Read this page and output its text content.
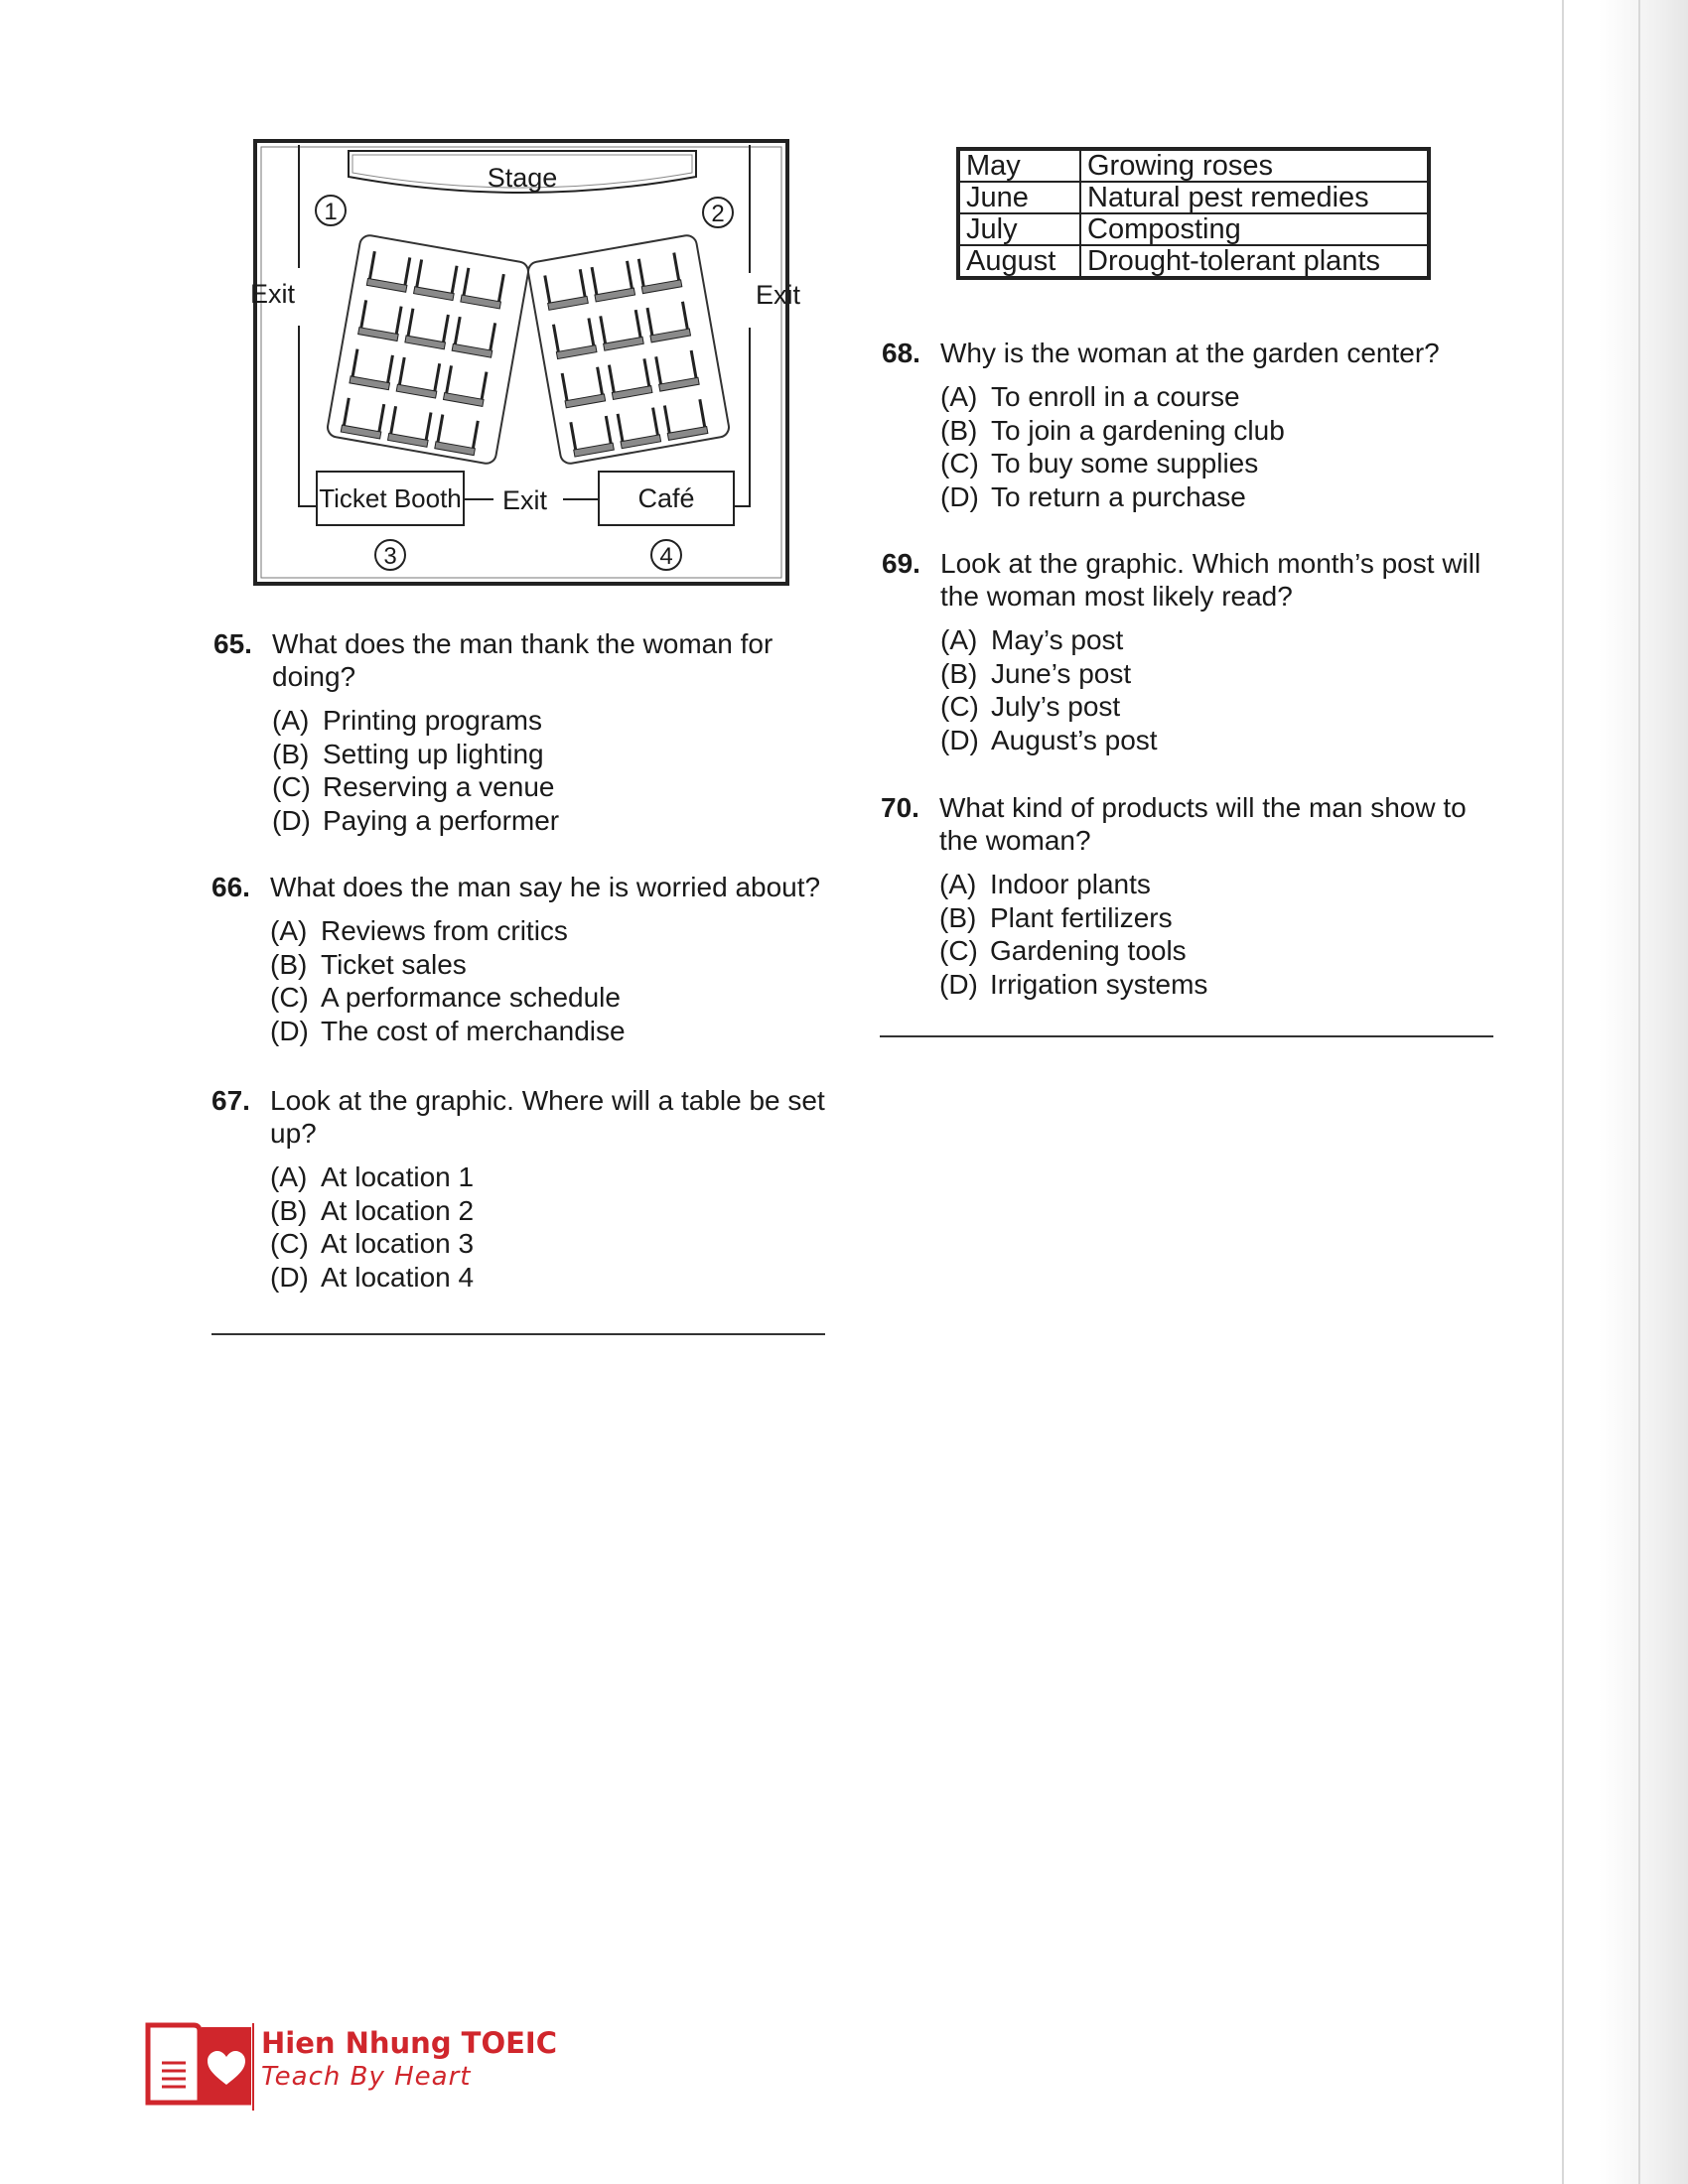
Stage
Exit	Exit
Exit
Ticket Booth	Café
1	2
3	4
May	Growing roses
June	Natural pest remedies
July	Composting
August	Drought-tolerant plants
65. What does the man thank the woman for doing?
(A) Printing programs
(B) Setting up lighting
(C) Reserving a venue
(D) Paying a performer
66. What does the man say he is worried about?
(A) Reviews from critics
(B) Ticket sales
(C) A performance schedule
(D) The cost of merchandise
67. Look at the graphic. Where will a table be set up?
(A) At location 1
(B) At location 2
(C) At location 3
(D) At location 4
68. Why is the woman at the garden center?
(A) To enroll in a course
(B) To join a gardening club
(C) To buy some supplies
(D) To return a purchase
69. Look at the graphic. Which month’s post will the woman most likely read?
(A) May’s post
(B) June’s post
(C) July’s post
(D) August’s post
70. What kind of products will the man show to the woman?
(A) Indoor plants
(B) Plant fertilizers
(C) Gardening tools
(D) Irrigation systems
Hien Nhung TOEIC
Teach By Heart
